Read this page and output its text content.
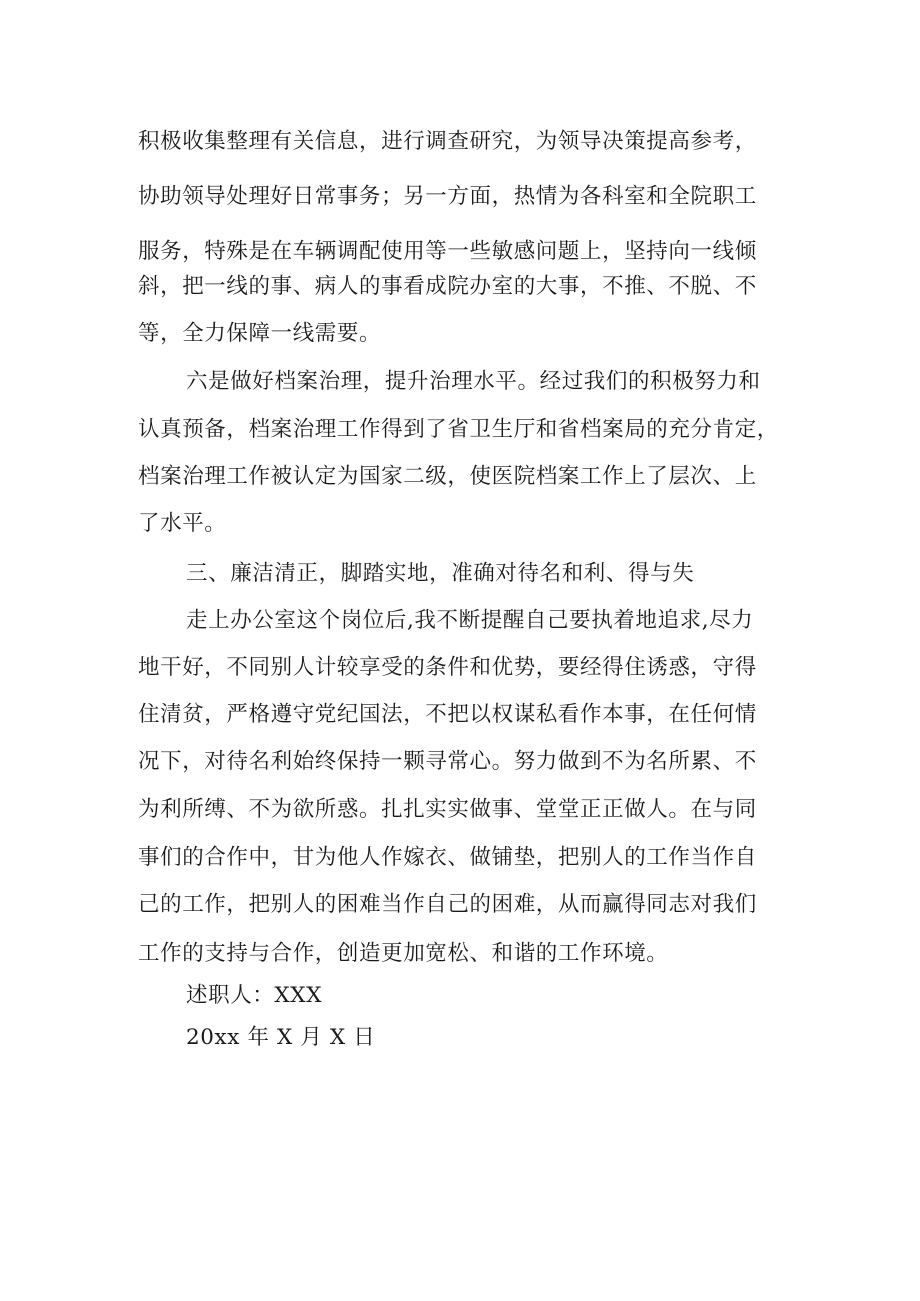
积极收集整理有关信息，进行调查研究，为领导决策提高参考，
协助领导处理好日常事务；另一方面，热情为各科室和全院职工
服务，特殊是在车辆调配使用等一些敏感问题上，坚持向一线倾
斜，把一线的事、病人的事看成院办室的大事，不推、不脱、不
等，全力保障一线需要。
六是做好档案治理，提升治理水平。经过我们的积极努力和
认真预备，档案治理工作得到了省卫生厅和省档案局的充分肯定，
档案治理工作被认定为国家二级，使医院档案工作上了层次、上
了水平。
三、廉洁清正，脚踏实地，准确对待名和利、得与失
走上办公室这个岗位后,我不断提醒自己要执着地追求,尽力
地干好，不同别人计较享受的条件和优势，要经得住诱惑，守得
住清贫，严格遵守党纪国法，不把以权谋私看作本事，在任何情
况下，对待名利始终保持一颗寻常心。努力做到不为名所累、不
为利所缚、不为欲所惑。扎扎实实做事、堂堂正正做人。在与同
事们的合作中，甘为他人作嫁衣、做铺垫，把别人的工作当作自
己的工作，把别人的困难当作自己的困难，从而赢得同志对我们
工作的支持与合作，创造更加宽松、和谐的工作环境。
述职人：XXX
20xx 年 X 月 X 日
